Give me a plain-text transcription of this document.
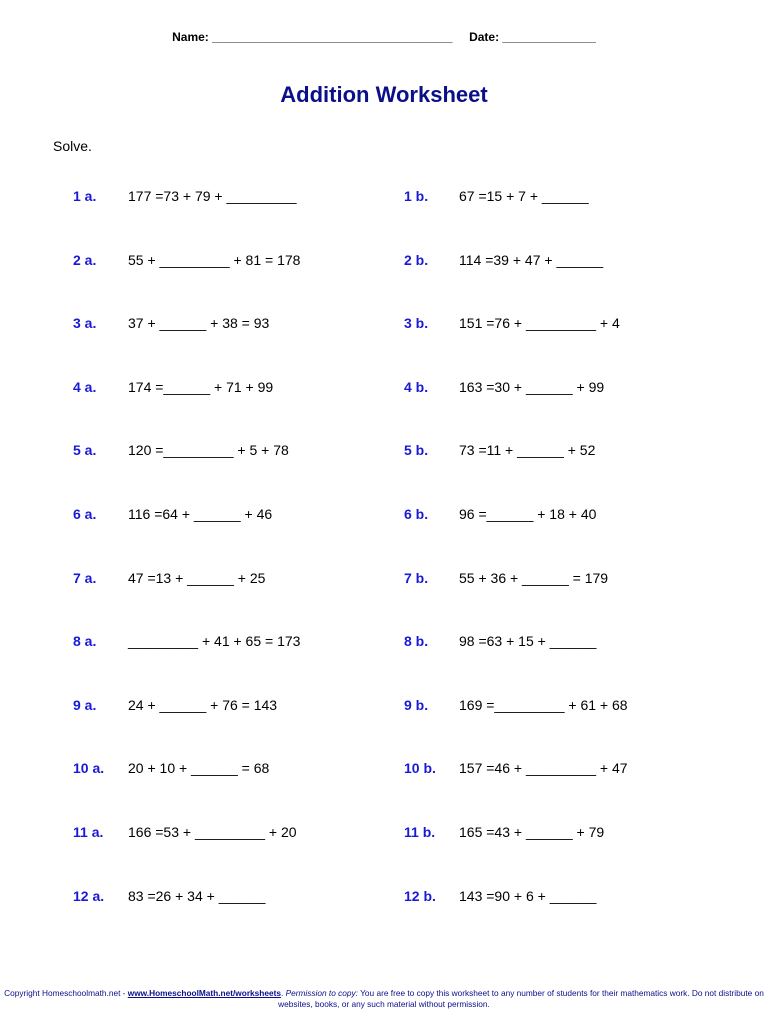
Name: ____________________________________ Date: ______________
Addition Worksheet
Solve.
1 a. 177 =73 + 79 + _________	1 b. 67 =15 + 7 + ______
2 a. 55 + _________ + 81 = 178	2 b. 114 =39 + 47 + ______
3 a. 37 + ______ + 38 = 93	3 b. 151 =76 + _________ + 4
4 a. 174 =______ + 71 + 99	4 b. 163 =30 + ______ + 99
5 a. 120 =_________ + 5 + 78	5 b. 73 =11 + ______ + 52
6 a. 116 =64 + ______ + 46	6 b. 96 =______ + 18 + 40
7 a. 47 =13 + ______ + 25	7 b. 55 + 36 + ______ = 179
8 a. _________ + 41 + 65 = 173	8 b. 98 =63 + 15 + ______
9 a. 24 + ______ + 76 = 143	9 b. 169 =_________ + 61 + 68
10 a. 20 + 10 + ______ = 68	10 b. 157 =46 + _________ + 47
11 a. 166 =53 + _________ + 20	11 b. 165 =43 + ______ + 79
12 a. 83 =26 + 34 + ______	12 b. 143 =90 + 6 + ______
Copyright Homeschoolmath.net - www.HomeschoolMath.net/worksheets. Permission to copy: You are free to copy this worksheet to any number of students for their mathematics work. Do not distribute on websites, books, or any such material without permission.
